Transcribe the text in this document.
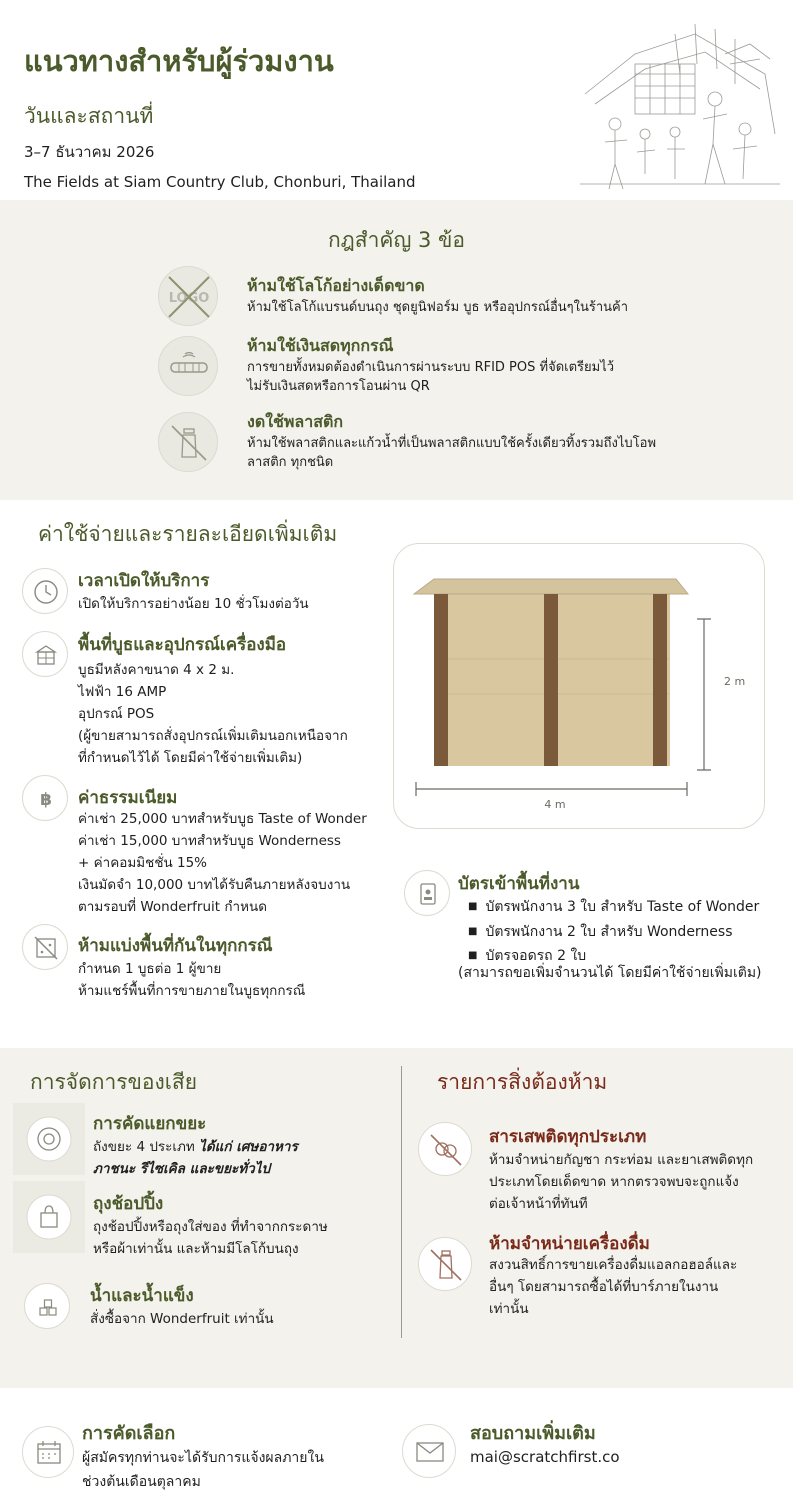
แนวทางสำหรับผู้ร่วมงาน
วันและสถานที่
3–7 ธันวาคม 2026
The Fields at Siam Country Club, Chonburi, Thailand
กฎสำคัญ 3 ข้อ
LOGO
ห้ามใช้โลโก้อย่างเด็ดขาด
ห้ามใช้โลโก้แบรนด์บนถุง ชุดยูนิฟอร์ม บูธ หรืออุปกรณ์อื่นๆในร้านค้า
ห้ามใช้เงินสดทุกกรณี
การขายทั้งหมดต้องดำเนินการผ่านระบบ RFID POS ที่จัดเตรียมไว้
ไม่รับเงินสดหรือการโอนผ่าน QR
งดใช้พลาสติก
ห้ามใช้พลาสติกและแก้วน้ำที่เป็นพลาสติกแบบใช้ครั้งเดียวทิ้งรวมถึงไบโอพ
ลาสติก ทุกชนิด
ค่าใช้จ่ายและรายละเอียดเพิ่มเติม
เวลาเปิดให้บริการ
เปิดให้บริการอย่างน้อย 10 ชั่วโมงต่อวัน
พื้นที่บูธและอุปกรณ์เครื่องมือ
บูธมีหลังคาขนาด 4 x 2 ม.
ไฟฟ้า 16 AMP
อุปกรณ์ POS
(ผู้ขายสามารถสั่งอุปกรณ์เพิ่มเติมนอกเหนือจาก
ที่กำหนดไว้ได้ โดยมีค่าใช้จ่ายเพิ่มเติม)
฿ ค่าธรรมเนียม
ค่าเช่า 25,000 บาทสำหรับบูธ Taste of Wonder
ค่าเช่า 15,000 บาทสำหรับบูธ Wonderness
+ ค่าคอมมิชชั่น 15%
เงินมัดจำ 10,000 บาทได้รับคืนภายหลังจบงาน
ตามรอบที่ Wonderfruit กำหนด
ห้ามแบ่งพื้นที่กันในทุกกรณี
กำหนด 1 บูธต่อ 1 ผู้ขาย
ห้ามแชร์พื้นที่การขายภายในบูธทุกกรณี
4 m
2 m
บัตรเข้าพื้นที่งาน
■ บัตรพนักงาน 3 ใบ สำหรับ Taste of Wonder
■ บัตรพนักงาน 2 ใบ สำหรับ Wonderness
■ บัตรจอดรถ 2 ใบ
(สามารถขอเพิ่มจำนวนได้ โดยมีค่าใช้จ่ายเพิ่มเติม)
การจัดการของเสีย	รายการสิ่งต้องห้าม
การคัดแยกขยะ
ถังขยะ 4 ประเภท ได้แก่ เศษอาหาร
ภาชนะ รีไซเคิล และขยะทั่วไป
ถุงช้อปปิ้ง
ถุงช้อปปิ้งหรือถุงใส่ของ ที่ทำจากกระดาษ
หรือผ้าเท่านั้น และห้ามมีโลโก้บนถุง
น้ำและน้ำแข็ง
สั่งซื้อจาก Wonderfruit เท่านั้น
สารเสพติดทุกประเภท
ห้ามจำหน่ายกัญชา กระท่อม และยาเสพติดทุก
ประเภทโดยเด็ดขาด หากตรวจพบจะถูกแจ้ง
ต่อเจ้าหน้าที่ทันที
ห้ามจำหน่ายเครื่องดื่ม
สงวนสิทธิ์การขายเครื่องดื่มแอลกอฮอล์และ
อื่นๆ โดยสามารถซื้อได้ที่บาร์ภายในงาน
เท่านั้น
การคัดเลือก
ผู้สมัครทุกท่านจะได้รับการแจ้งผลภายใน
ช่วงต้นเดือนตุลาคม
สอบถามเพิ่มเติม
mai@scratchfirst.co
